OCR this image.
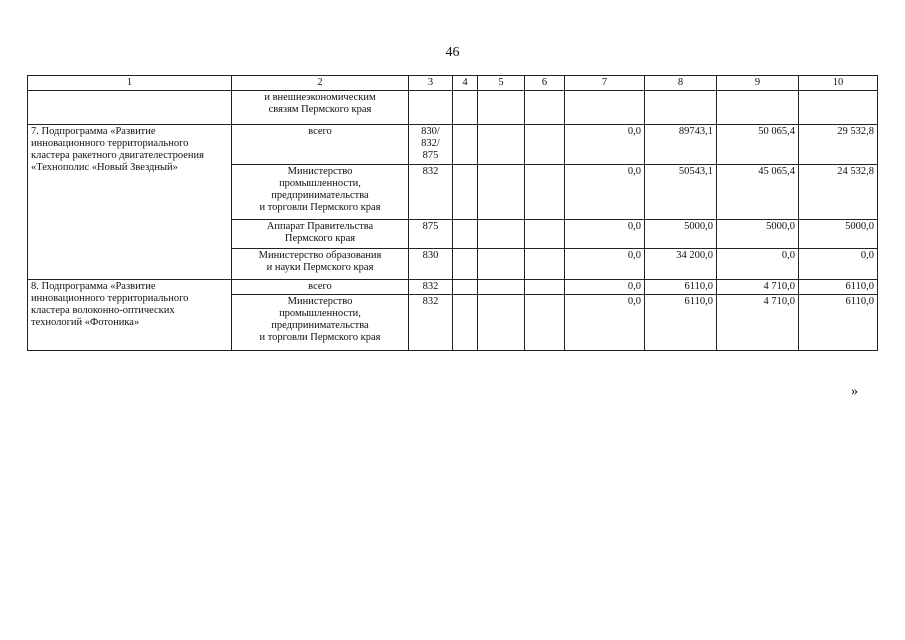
46
1	2	3	4	5	6	7	8	9	10

	и внешнеэкономическим
связям Пермского края								

7. Подпрограмма «Развитие инновационного территориального кластера ракетного двигателестроения «Технополис «Новый Звездный»	всего	830/
832/
875				0,0	89743,1	50 065,4	29 532,8

	Министерство
промышленности,
предпринимательства
и торговли Пермского края	832				0,0	50543,1	45 065,4	24 532,8

	Аппарат Правительства
Пермского края	875				0,0	5000,0	5000,0	5000,0

	Министерство образования
и науки Пермского края	830				0,0	34 200,0	0,0	0,0
8. Подпрограмма «Развитие инновационного территориального кластера волоконно-оптических технологий «Фотоника»	всего	832				0,0	6110,0	4 710,0	6110,0

	Министерство
промышленности,
предпринимательства
и торговли Пермского края	832				0,0	6110,0	4 710,0	6110,0
»
